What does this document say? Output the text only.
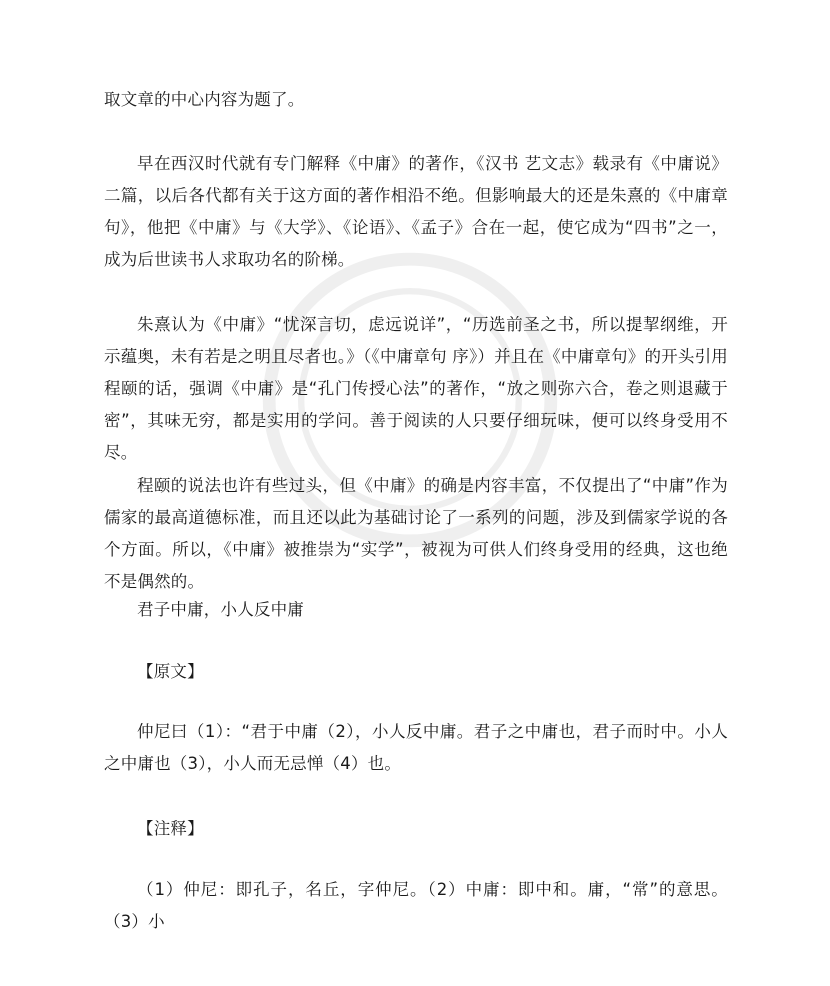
取文章的中心内容为题了。

早在西汉时代就有专门解释《中庸》的著作，《汉书 艺文志》载录有《中庸说》二篇，以后各代都有关于这方面的著作相沿不绝。但影响最大的还是朱熹的《中庸章句》，他把《中庸》与《大学》、《论语》、《孟子》合在一起，使它成为“四书”之一，成为后世读书人求取功名的阶梯。

朱熹认为《中庸》“忧深言切，虑远说详”，“历选前圣之书，所以提挈纲维，开示蕴奥，未有若是之明且尽者也。》（《中庸章句 序》）并且在《中庸章句》的开头引用程颐的话，强调《中庸》是“孔门传授心法”的著作，“放之则弥六合，卷之则退藏于密”，其味无穷，都是实用的学问。善于阅读的人只要仔细玩味，便可以终身受用不尽。

程颐的说法也许有些过头，但《中庸》的确是内容丰富，不仅提出了“中庸”作为儒家的最高道德标准，而且还以此为基础讨论了一系列的问题，涉及到儒家学说的各个方面。所以，《中庸》被推崇为“实学”，被视为可供人们终身受用的经典，这也绝不是偶然的。

君子中庸，小人反中庸

【原文】

仲尼曰（1）：“君于中庸（2），小人反中庸。君子之中庸也，君子而时中。小人之中庸也（3），小人而无忌惮（4）也。

【注释】

（1）仲尼：即孔子，名丘，字仲尼。（2）中庸：即中和。庸，“常”的意思。（3）小
